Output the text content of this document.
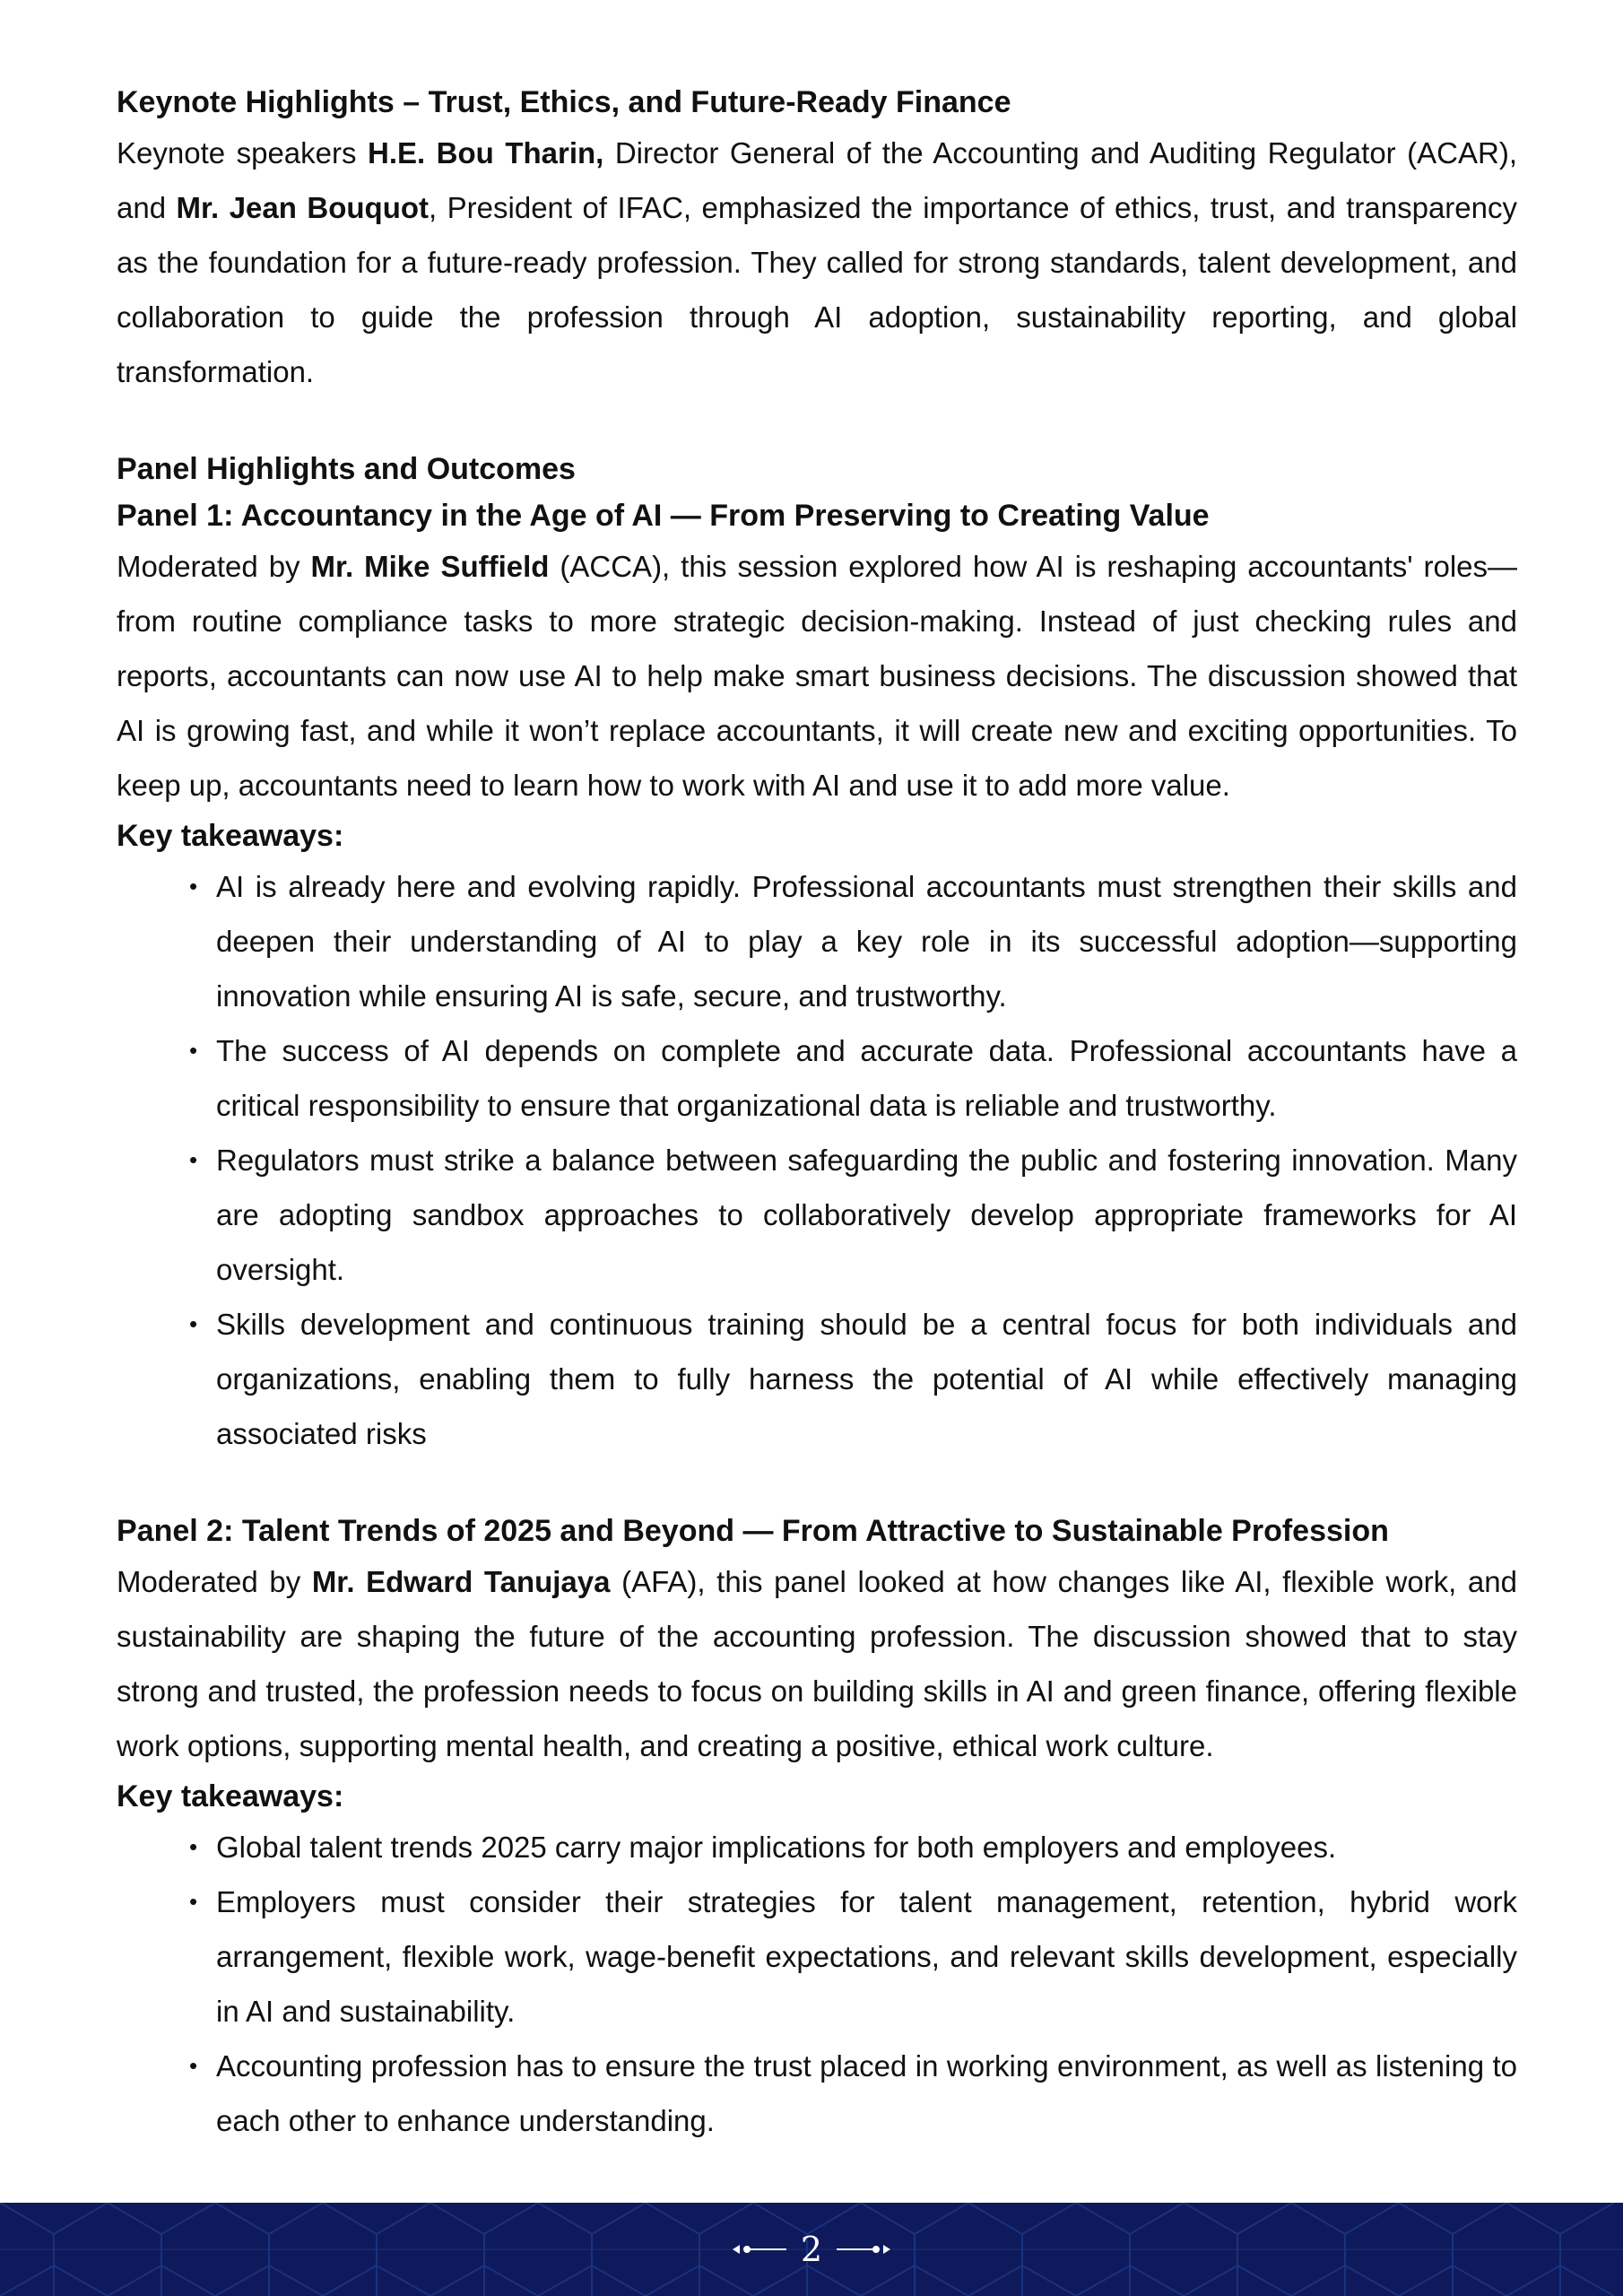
Keynote Highlights – Trust, Ethics, and Future-Ready Finance

Keynote speakers H.E. Bou Tharin, Director General of the Accounting and Auditing Regulator (ACAR), and Mr. Jean Bouquot, President of IFAC, emphasized the importance of ethics, trust, and transparency as the foundation for a future-ready profession. They called for strong standards, talent development, and collaboration to guide the profession through AI adoption, sustainability reporting, and global transformation.

Panel Highlights and Outcomes

Panel 1: Accountancy in the Age of AI — From Preserving to Creating Value

Moderated by Mr. Mike Suffield (ACCA), this session explored how AI is reshaping accountants' roles—from routine compliance tasks to more strategic decision-making. Instead of just checking rules and reports, accountants can now use AI to help make smart business decisions. The discussion showed that AI is growing fast, and while it won’t replace accountants, it will create new and exciting opportunities. To keep up, accountants need to learn how to work with AI and use it to add more value.

Key takeaways:

• AI is already here and evolving rapidly. Professional accountants must strengthen their skills and deepen their understanding of AI to play a key role in its successful adoption—supporting innovation while ensuring AI is safe, secure, and trustworthy.
• The success of AI depends on complete and accurate data. Professional accountants have a critical responsibility to ensure that organizational data is reliable and trustworthy.
• Regulators must strike a balance between safeguarding the public and fostering innovation. Many are adopting sandbox approaches to collaboratively develop appropriate frameworks for AI oversight.
• Skills development and continuous training should be a central focus for both individuals and organizations, enabling them to fully harness the potential of AI while effectively managing associated risks

Panel 2: Talent Trends of 2025 and Beyond — From Attractive to Sustainable Profession

Moderated by Mr. Edward Tanujaya (AFA), this panel looked at how changes like AI, flexible work, and sustainability are shaping the future of the accounting profession. The discussion showed that to stay strong and trusted, the profession needs to focus on building skills in AI and green finance, offering flexible work options, supporting mental health, and creating a positive, ethical work culture.

Key takeaways:

• Global talent trends 2025 carry major implications for both employers and employees.
• Employers must consider their strategies for talent management, retention, hybrid work arrangement, flexible work, wage-benefit expectations, and relevant skills development, especially in AI and sustainability.
• Accounting profession has to ensure the trust placed in working environment, as well as listening to each other to enhance understanding.
2
